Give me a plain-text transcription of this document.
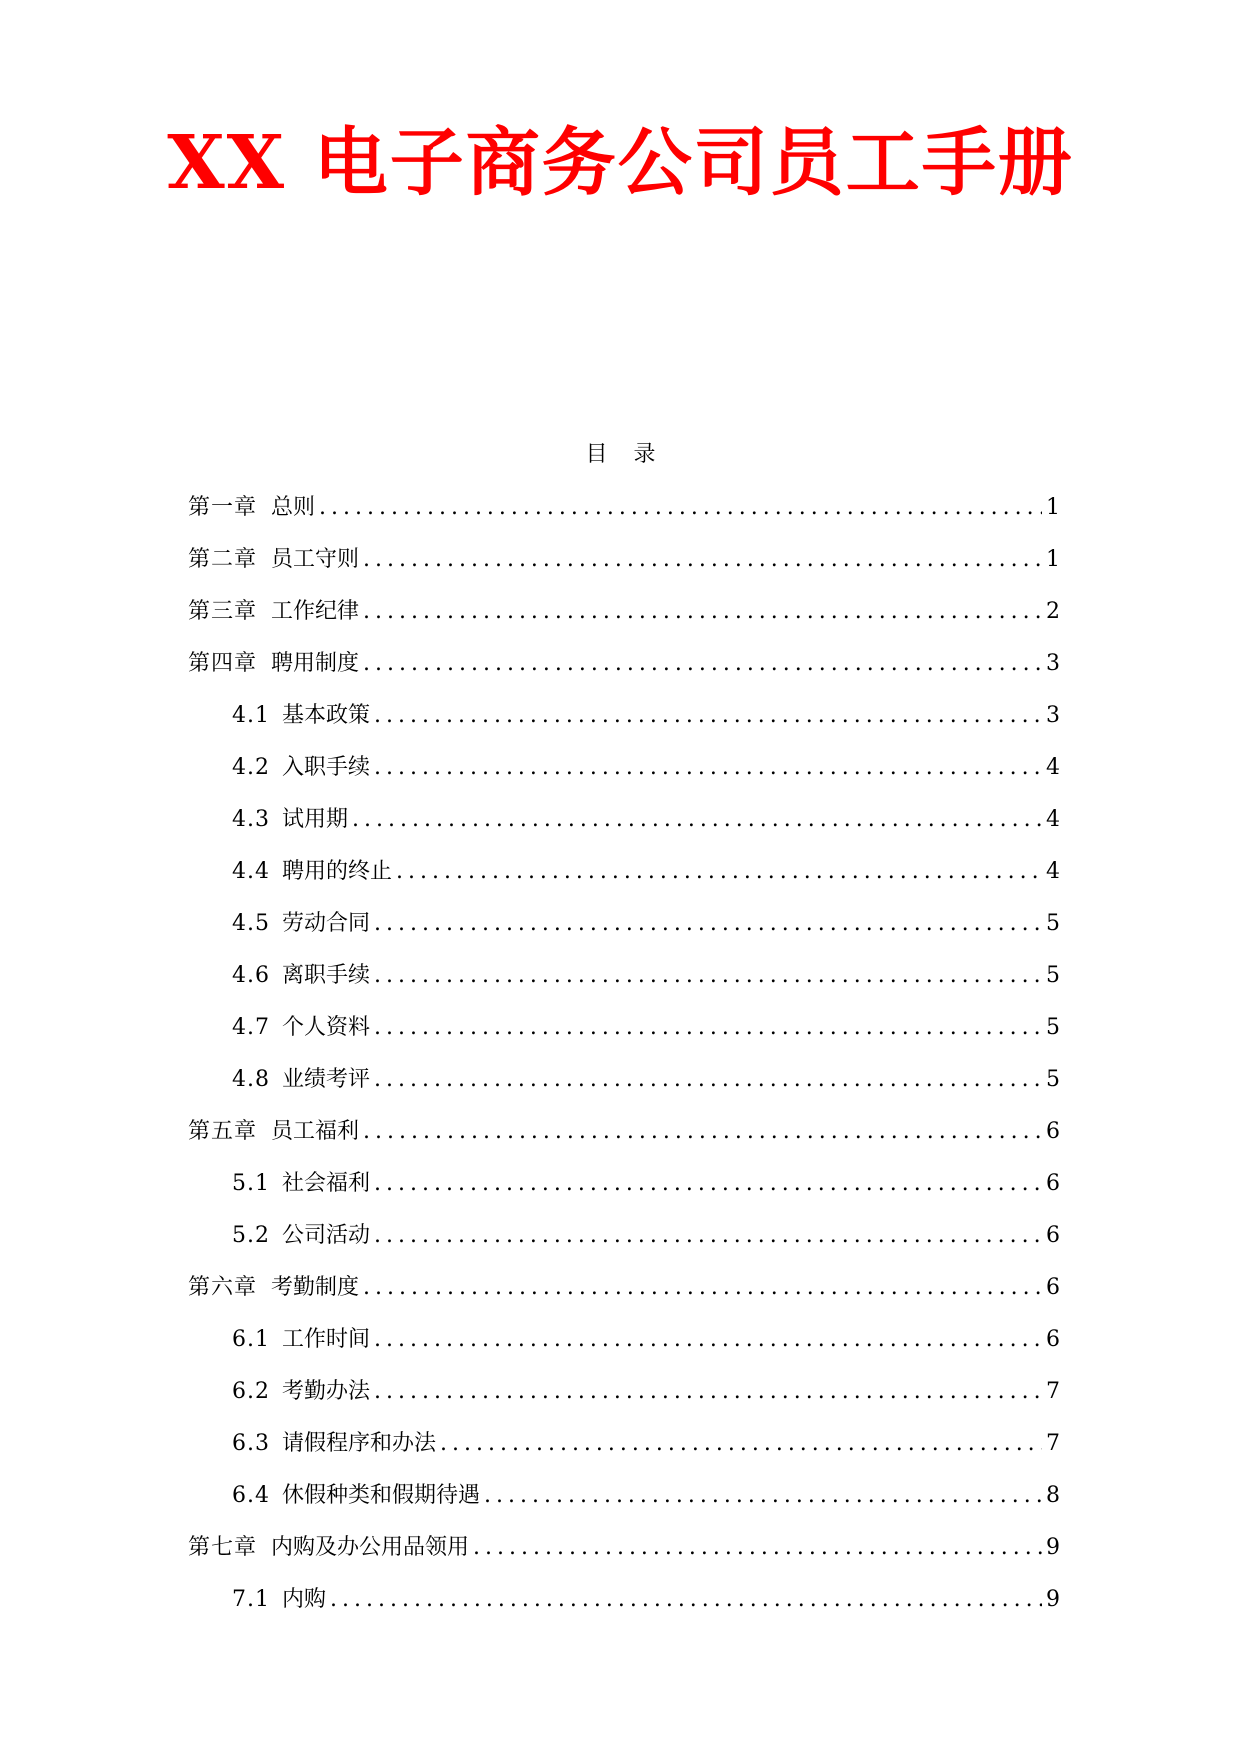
XX 电子商务公司员工手册
目录
第一章 总则 .....	1
第二章 员工守则 .....	1
第三章 工作纪律 .....	2
第四章 聘用制度 .....	3
4.1 基本政策 .....	3
4.2 入职手续 .....	4
4.3 试用期 .....	4
4.4 聘用的终止 .....	4
4.5 劳动合同 .....	5
4.6 离职手续 .....	5
4.7 个人资料 .....	5
4.8 业绩考评 .....	5
第五章 员工福利 .....	6
5.1 社会福利 .....	6
5.2 公司活动 .....	6
第六章 考勤制度 .....	6
6.1 工作时间 .....	6
6.2 考勤办法 .....	7
6.3 请假程序和办法 .....	7
6.4 休假种类和假期待遇 .....	8
第七章 内购及办公用品领用 .....	9
7.1 内购 .....	9
